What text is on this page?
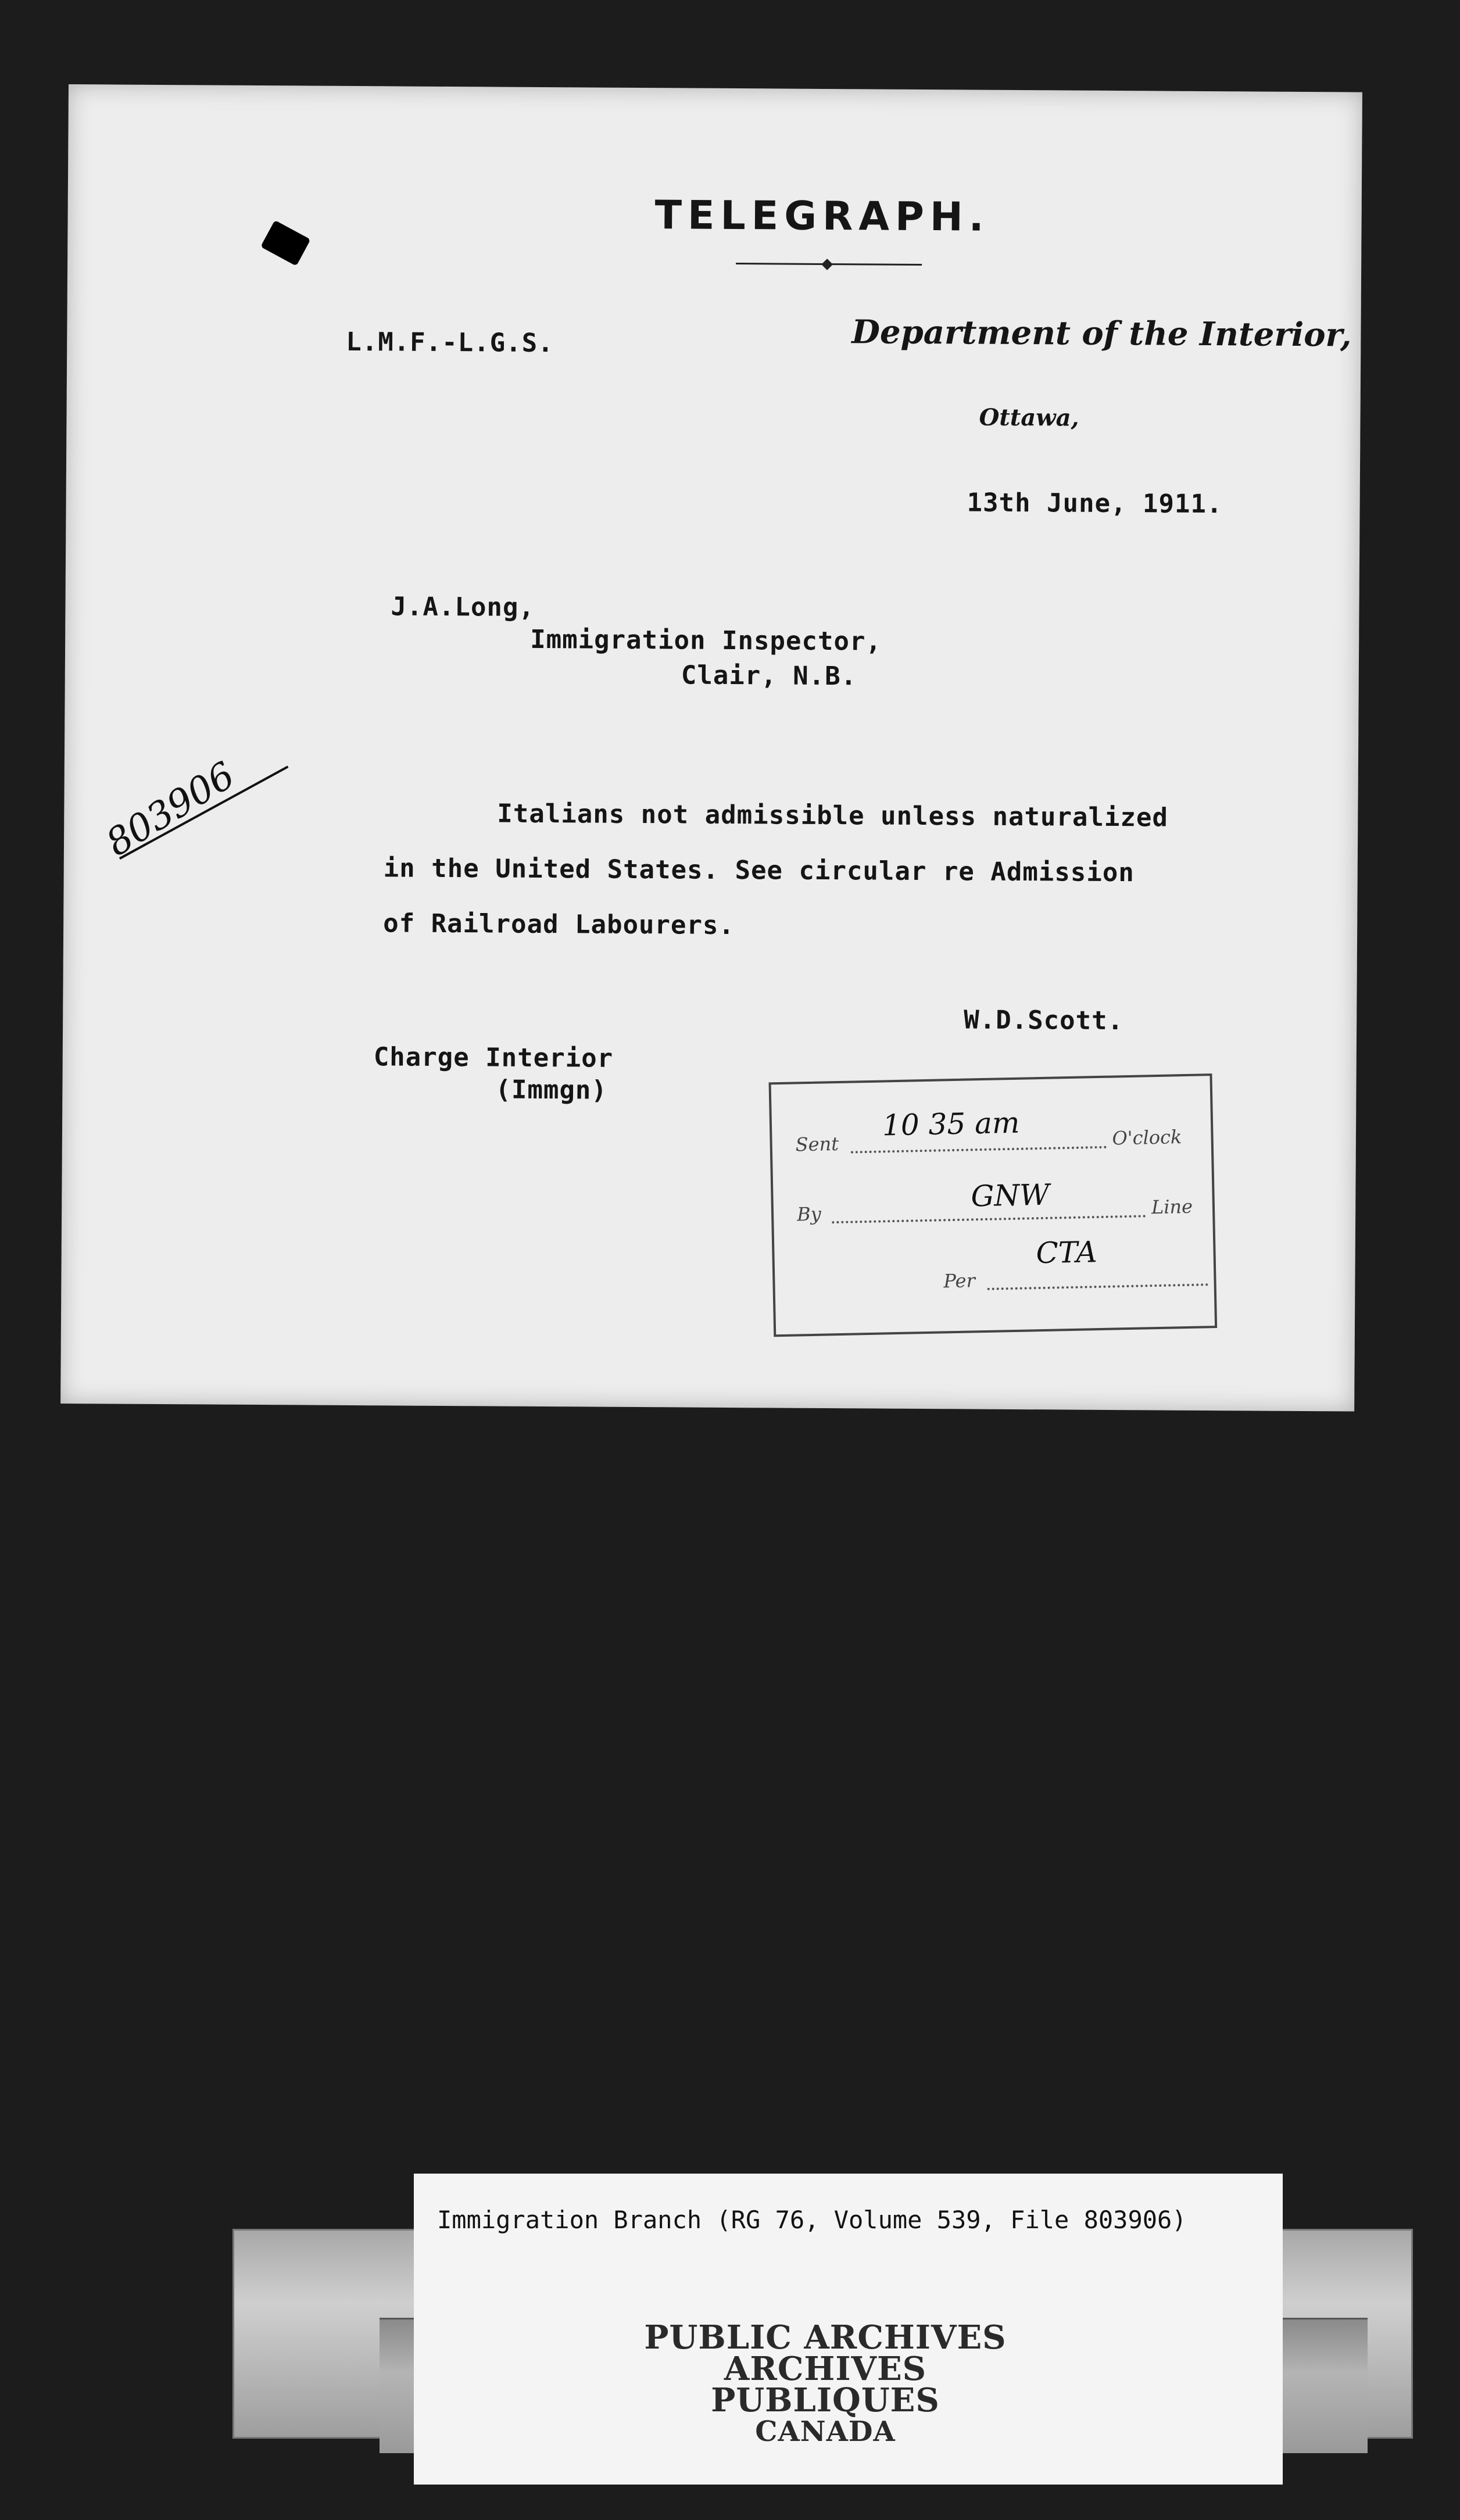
TELEGRAPH.
L.M.F.-L.G.S.	Department of the Interior,
Ottawa,
13th June, 1911.
J.A.Long,
Immigration Inspector,
Clair, N.B.
803906	Italians not admissible unless naturalized
in the United States. See circular re Admission
of Railroad Labourers.
W.D.Scott.
Charge Interior
(Immgn)
Sent
10 35 am	O'clock
By
GNW	Line
Per
CTA
Immigration Branch (RG 76, Volume 539, File 803906)
PUBLIC ARCHIVES
ARCHIVES PUBLIQUES
CANADA
